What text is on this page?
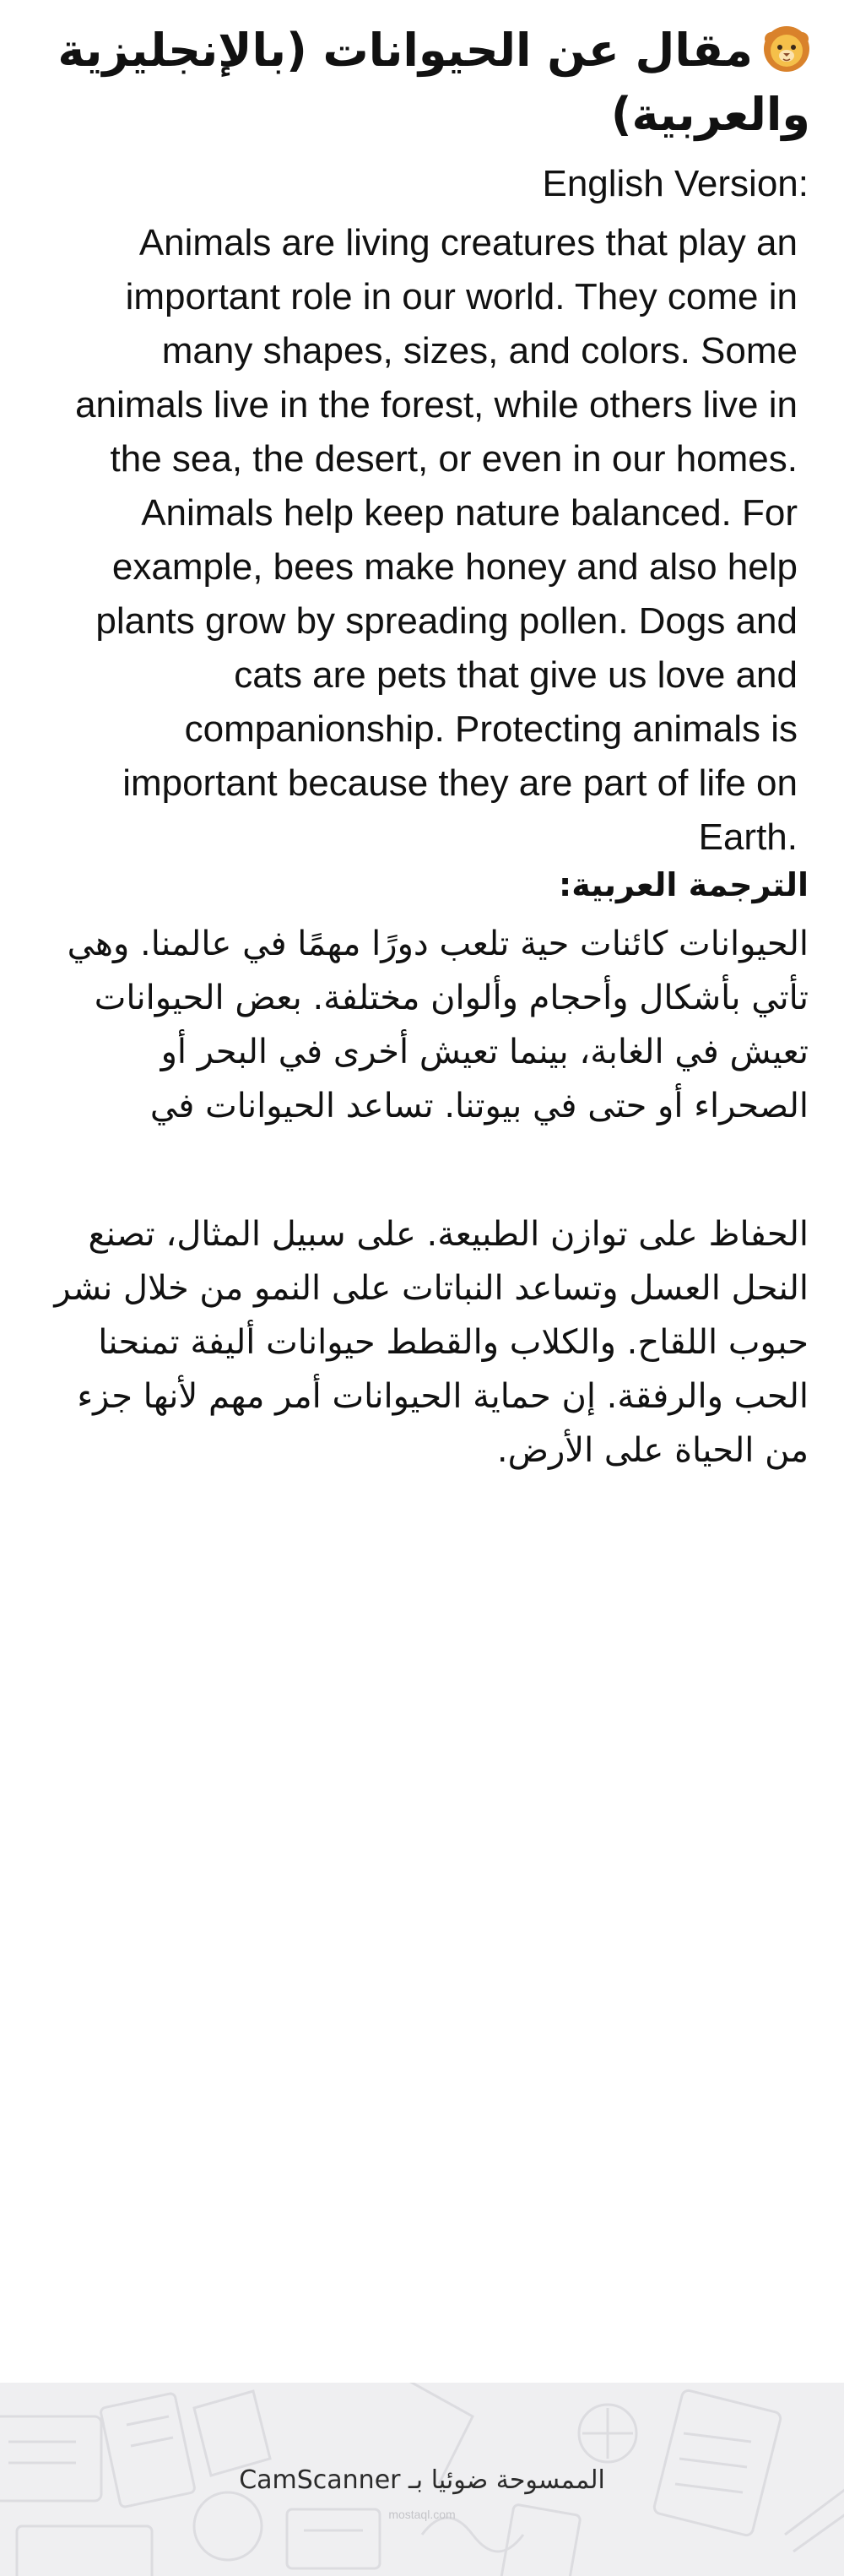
مقال عن الحيوانات (بالإنجليزية والعربية)
English Version:

Animals are living creatures that play an important role in our world. They come in many shapes, sizes, and colors. Some animals live in the forest, while others live in the sea, the desert, or even in our homes. Animals help keep nature balanced. For example, bees make honey and also help plants grow by spreading pollen. Dogs and cats are pets that give us love and companionship. Protecting animals is important because they are part of life on Earth.

الترجمة العربية:

الحيوانات كائنات حية تلعب دورًا مهمًا في عالمنا. وهي تأتي بأشكال وأحجام وألوان مختلفة. بعض الحيوانات تعيش في الغابة، بينما تعيش أخرى في البحر أو الصحراء أو حتى في بيوتنا. تساعد الحيوانات في

الحفاظ على توازن الطبيعة. على سبيل المثال، تصنع النحل العسل وتساعد النباتات على النمو من خلال نشر حبوب اللقاح. والكلاب والقطط حيوانات أليفة تمنحنا الحب والرفقة. إن حماية الحيوانات أمر مهم لأنها جزء من الحياة على الأرض.

الممسوحة ضوئيا بـ CamScanner
mostaql.com
